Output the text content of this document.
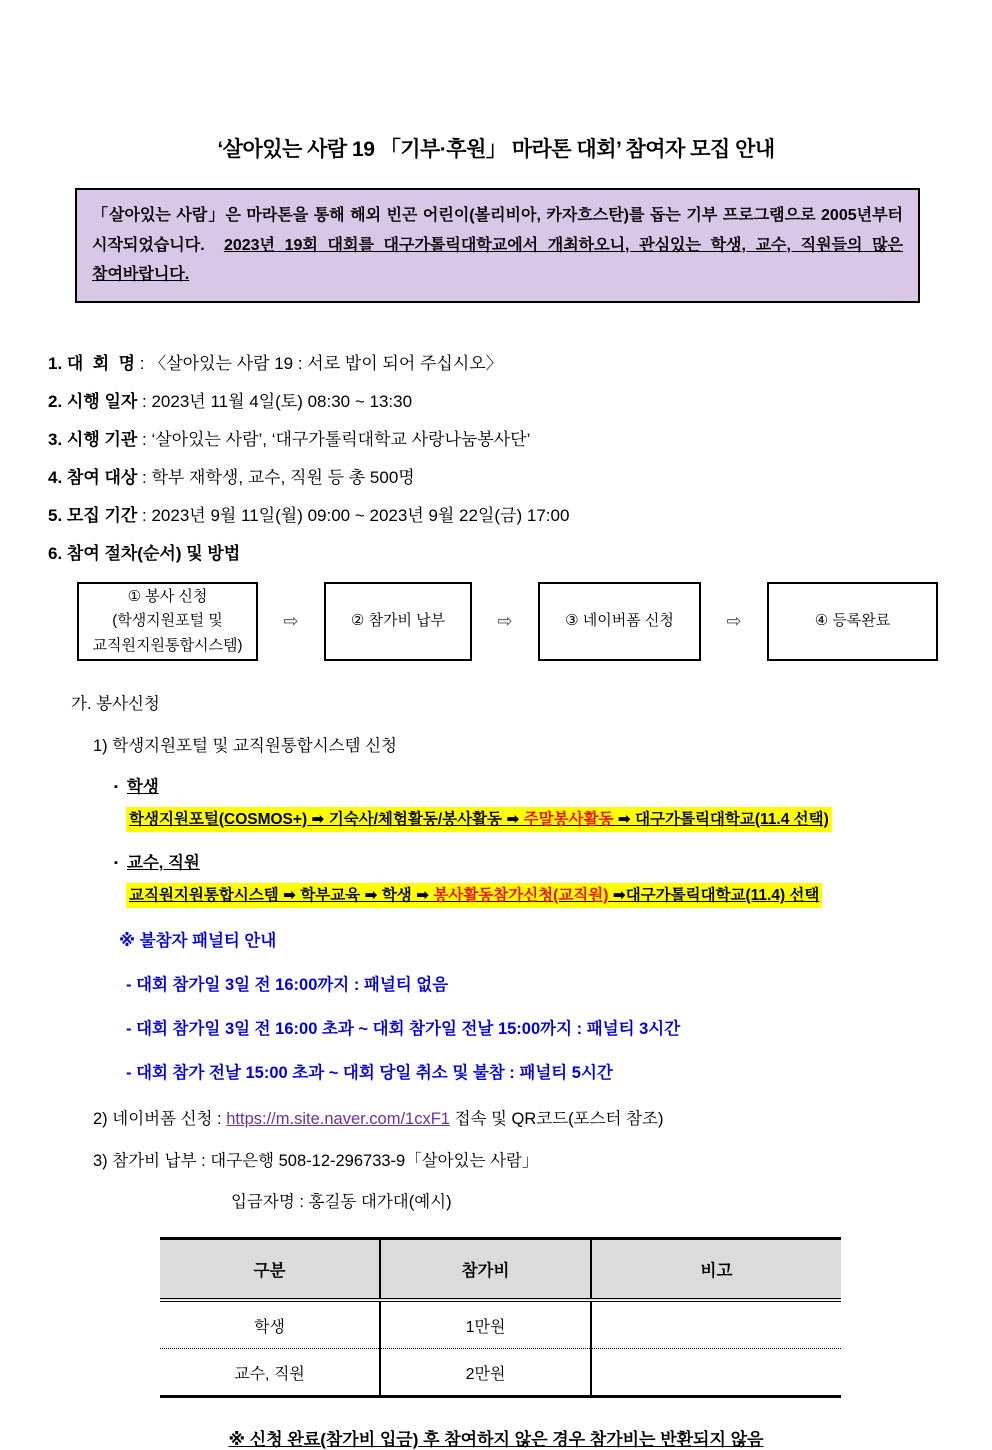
‘살아있는 사람 19 「기부·후원」 마라톤 대회’ 참여자 모집 안내
「살아있는 사람」은 마라톤을 통해 해외 빈곤 어린이(볼리비아, 카자흐스탄)를 돕는 기부 프로그램으로 2005년부터 시작되었습니다.  2023년 19회 대회를 대구가톨릭대학교에서 개최하오니, 관심있는 학생, 교수, 직원들의 많은 참여바랍니다.
1. 대  회  명 : 〈살아있는 사람 19 : 서로 밥이 되어 주십시오〉
2. 시행 일자 : 2023년 11월 4일(토) 08:30 ~ 13:30
3. 시행 기관 : ‘살아있는 사람’, ‘대구가톨릭대학교 사랑나눔봉사단’
4. 참여 대상 : 학부 재학생, 교수, 직원 등 총 500명
5. 모집 기간 : 2023년 9월 11일(월) 09:00 ~ 2023년 9월 22일(금) 17:00
6. 참여 절차(순서) 및 방법
① 봉사 신청
(학생지원포털 및 교직원지원통합시스템)
⇨	② 참가비 납부	⇨	③ 네이버폼 신청	⇨	④ 등록완료
가. 봉사신청
1) 학생지원포털 및 교직원통합시스템 신청
▪ 학생
학생지원포털(COSMOS+) ➡ 기숙사/체험활동/봉사활동 ➡ 주말봉사활동 ➡ 대구가톨릭대학교(11.4 선택)
▪ 교수, 직원
교직원지원통합시스템 ➡ 학부교육 ➡ 학생 ➡ 봉사활동참가신청(교직원) ➡대구가톨릭대학교(11.4) 선택
※ 불참자 패널티 안내
- 대회 참가일 3일 전 16:00까지 : 패널티 없음
- 대회 참가일 3일 전 16:00 초과 ~ 대회 참가일 전날 15:00까지 : 패널티 3시간
- 대회 참가 전날 15:00 초과 ~ 대회 당일 취소 및 불참 : 패널티 5시간
2) 네이버폼 신청 : https://m.site.naver.com/1cxF1 접속 및 QR코드(포스터 참조)
3) 참가비 납부 : 대구은행 508-12-296733-9「살아있는 사람」
입금자명 : 홍길동 대가대(예시)
구분	참가비	비고
학생	1만원	
교수, 직원	2만원	
※ 신청 완료(참가비 입금) 후 참여하지 않은 경우 참가비는 반환되지 않음
